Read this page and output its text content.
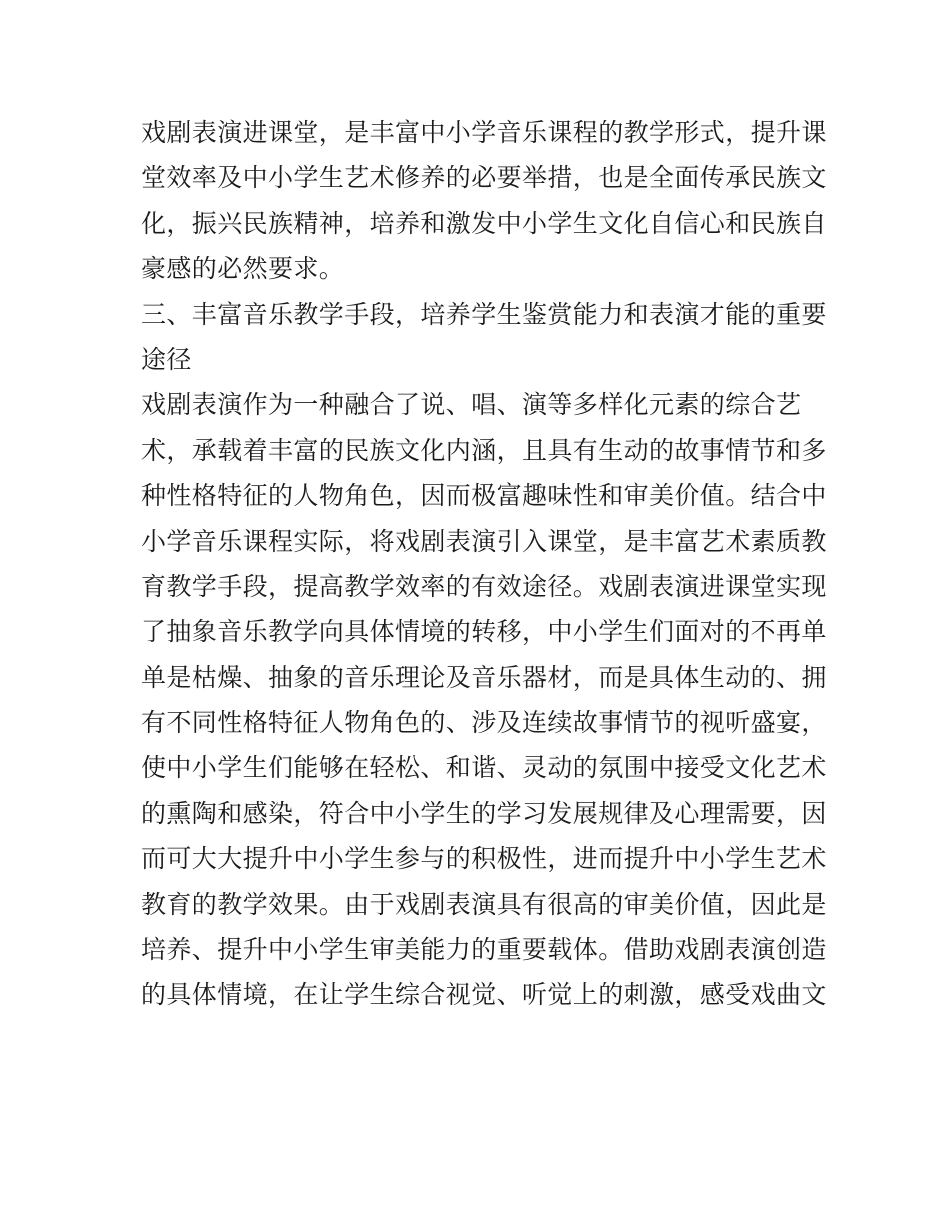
戏剧表演进课堂，是丰富中小学音乐课程的教学形式，提升课
堂效率及中小学生艺术修养的必要举措，也是全面传承民族文
化，振兴民族精神，培养和激发中小学生文化自信心和民族自
豪感的必然要求。
三、丰富音乐教学手段，培养学生鉴赏能力和表演才能的重要
途径
戏剧表演作为一种融合了说、唱、演等多样化元素的综合艺
术，承载着丰富的民族文化内涵，且具有生动的故事情节和多
种性格特征的人物角色，因而极富趣味性和审美价值。结合中
小学音乐课程实际，将戏剧表演引入课堂，是丰富艺术素质教
育教学手段，提高教学效率的有效途径。戏剧表演进课堂实现
了抽象音乐教学向具体情境的转移，中小学生们面对的不再单
单是枯燥、抽象的音乐理论及音乐器材，而是具体生动的、拥
有不同性格特征人物角色的、涉及连续故事情节的视听盛宴，
使中小学生们能够在轻松、和谐、灵动的氛围中接受文化艺术
的熏陶和感染，符合中小学生的学习发展规律及心理需要，因
而可大大提升中小学生参与的积极性，进而提升中小学生艺术
教育的教学效果。由于戏剧表演具有很高的审美价值，因此是
培养、提升中小学生审美能力的重要载体。借助戏剧表演创造
的具体情境，在让学生综合视觉、听觉上的刺激，感受戏曲文
